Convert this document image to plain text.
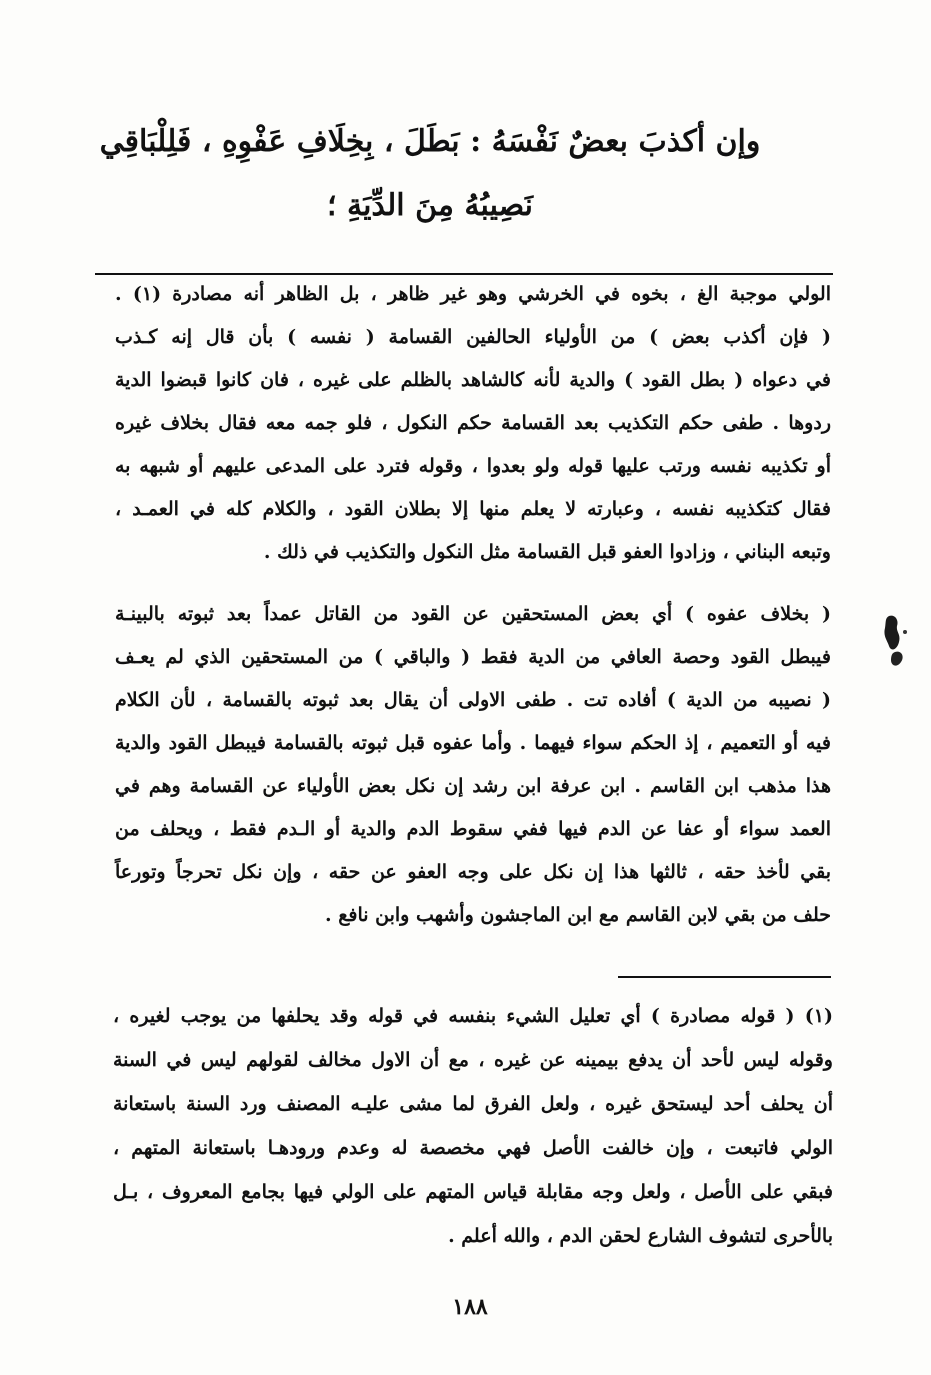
وإن أكذبَ بعضٌ نَفْسَهُ : بَطَلَ ، بِخِلَافِ عَفْوِهِ ، فَلِلْبَاقِي
نَصِيبُهُ مِنَ الدِّيَةِ ؛
الولي موجبة الغ ، بخوه في الخرشي وهو غير ظاهر ، بل الظاهر أنه مصادرة (١) .
( فإن أكذب بعض ) من الأولياء الحالفين القسامة ( نفسه ) بأن قال إنه كـذب
في دعواه ( بطل القود ) والدية لأنه كالشاهد بالظلم على غيره ، فان كانوا قبضوا الدية
ردوها . طفى حكم التكذيب بعد القسامة حكم النكول ، فلو جمه معه فقال بخلاف غيره
أو تكذيبه نفسه ورتب عليها قوله ولو بعدوا ، وقوله فترد على المدعى عليهم أو شبهه به
فقال كتكذيبه نفسه ، وعبارته لا يعلم منها إلا بطلان القود ، والكلام كله في العمـد ،
وتبعه البناني ، وزادوا العفو قبل القسامة مثل النكول والتكذيب في ذلك .
( بخلاف عفوه ) أي بعض المستحقين عن القود من القاتل عمداً بعد ثبوته بالبينـة
فيبطل القود وحصة العافي من الدية فقط ( والباقي ) من المستحقين الذي لم يعـف
( نصيبه من الدية ) أفاده تت . طفى الاولى أن يقال بعد ثبوته بالقسامة ، لأن الكلام
فيه أو التعميم ، إذ الحكم سواء فيهما . وأما عفوه قبل ثبوته بالقسامة فيبطل القود والدية
هذا مذهب ابن القاسم . ابن عرفة ابن رشد إن نكل بعض الأولياء عن القسامة وهم في
العمد سواء أو عفا عن الدم فيها ففي سقوط الدم والدية أو الـدم فقط ، ويحلف من
بقي لأخذ حقه ، ثالثها هذا إن نكل على وجه العفو عن حقه ، وإن نكل تحرجاً وتورعاً
حلف من بقي لابن القاسم مع ابن الماجشون وأشهب وابن نافع .
(١) ( قوله مصادرة ) أي تعليل الشيء بنفسه في قوله وقد يحلفها من يوجب لغيره ،
وقوله ليس لأحد أن يدفع بيمينه عن غيره ، مع أن الاول مخالف لقولهم ليس في السنة
أن يحلف أحد ليستحق غيره ، ولعل الفرق لما مشى عليـه المصنف ورد السنة باستعانة
الولي فاتبعت ، وإن خالفت الأصل فهي مخصصة له وعدم ورودهـا باستعانة المتهم ،
فبقي على الأصل ، ولعل وجه مقابلة قياس المتهم على الولي فيها بجامع المعروف ، بـل
بالأحرى لتشوف الشارع لحقن الدم ، والله أعلم .
١٨٨
